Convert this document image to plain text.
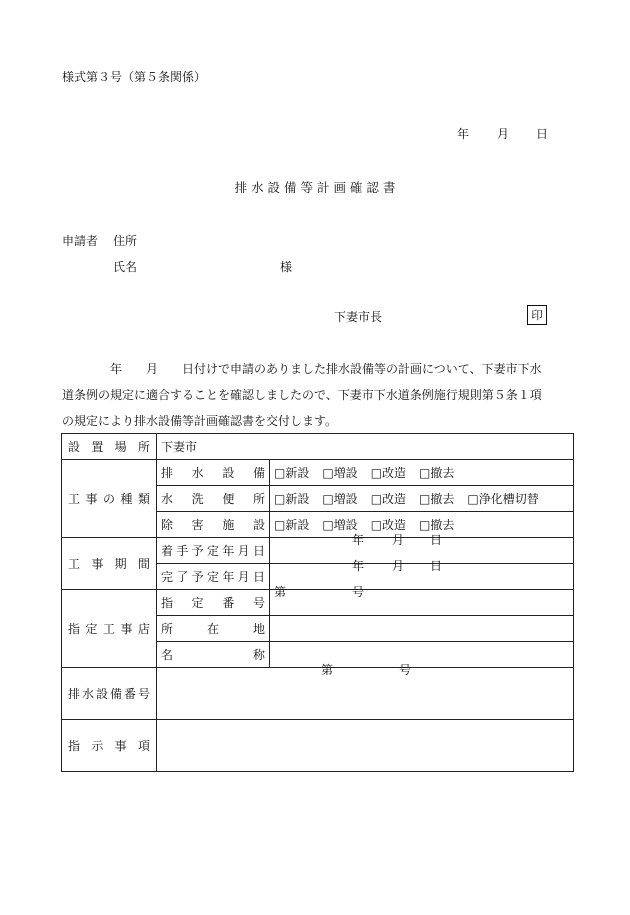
様式第３号（第５条関係）
年 月 日
排 水 設 備 等 計 画 確 認 書
申請者 住所
氏名	様
下妻市長	印
　　　　年　　月　　日付けで申請のありました排水設備等の計画について、下妻市下水
道条例の規定に適合することを確認しましたので、下妻市下水道条例施行規則第５条１項
の規定により排水設備等計画確認書を交付します。
設置場所	下妻市	
工事の種類	排水設備	□新設 □増設 □改造 □撤去
	水洗便所	□新設 □増設 □改造 □撤去 □浄化槽切替
	除害施設	□新設 □増設 □改造 □撤去
工事期間	着手予定年月日	年 月 日

	完了予定年月日	年 月 日

指定工事店	指定番号	第 号

	所在地	
	名称	
排水設備番号	第 号	

指示事項		
